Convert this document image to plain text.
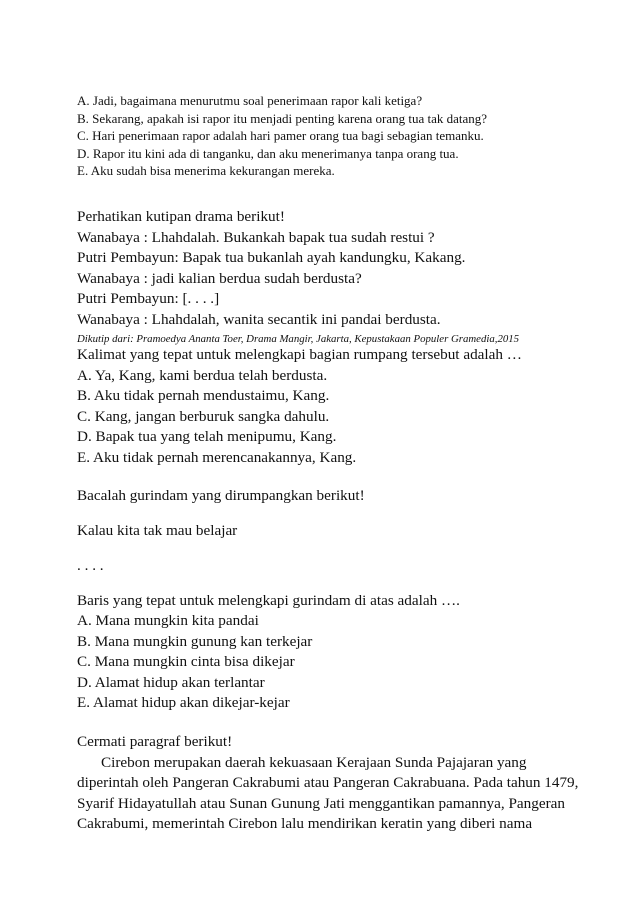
A. Jadi, bagaimana menurutmu soal penerimaan rapor kali ketiga?
B. Sekarang, apakah isi rapor itu menjadi penting karena orang tua tak datang?
C. Hari penerimaan rapor adalah hari pamer orang tua bagi sebagian temanku.
D. Rapor itu kini ada di tanganku, dan aku menerimanya tanpa orang tua.
E. Aku sudah bisa menerima kekurangan mereka.
Perhatikan kutipan drama berikut!
Wanabaya : Lhahdalah. Bukankah bapak tua sudah restui ?
Putri Pembayun: Bapak tua bukanlah ayah kandungku, Kakang.
Wanabaya : jadi kalian berdua sudah berdusta?
Putri Pembayun: [. . . .]
Wanabaya : Lhahdalah, wanita secantik ini pandai berdusta.
Dikutip dari: Pramoedya Ananta Toer, Drama Mangir, Jakarta, Kepustakaan Populer Gramedia,2015
Kalimat yang tepat untuk melengkapi bagian rumpang tersebut adalah …
A. Ya, Kang, kami berdua telah berdusta.
B. Aku tidak pernah mendustaimu, Kang.
C. Kang, jangan berburuk sangka dahulu.
D. Bapak tua yang telah menipumu, Kang.
E. Aku tidak pernah merencanakannya, Kang.
Bacalah gurindam yang dirumpangkan berikut!
Kalau kita tak mau belajar
. . . .
Baris yang tepat untuk melengkapi gurindam di atas adalah ….
A. Mana mungkin kita pandai
B. Mana mungkin gunung kan terkejar
C. Mana mungkin cinta bisa dikejar
D. Alamat hidup akan terlantar
E. Alamat hidup akan dikejar-kejar
Cermati paragraf berikut!
Cirebon merupakan daerah kekuasaan Kerajaan Sunda Pajajaran yang
diperintah oleh Pangeran Cakrabumi atau Pangeran Cakrabuana. Pada tahun 1479,
Syarif Hidayatullah atau Sunan Gunung Jati menggantikan pamannya, Pangeran
Cakrabumi, memerintah Cirebon lalu mendirikan keratin yang diberi nama
